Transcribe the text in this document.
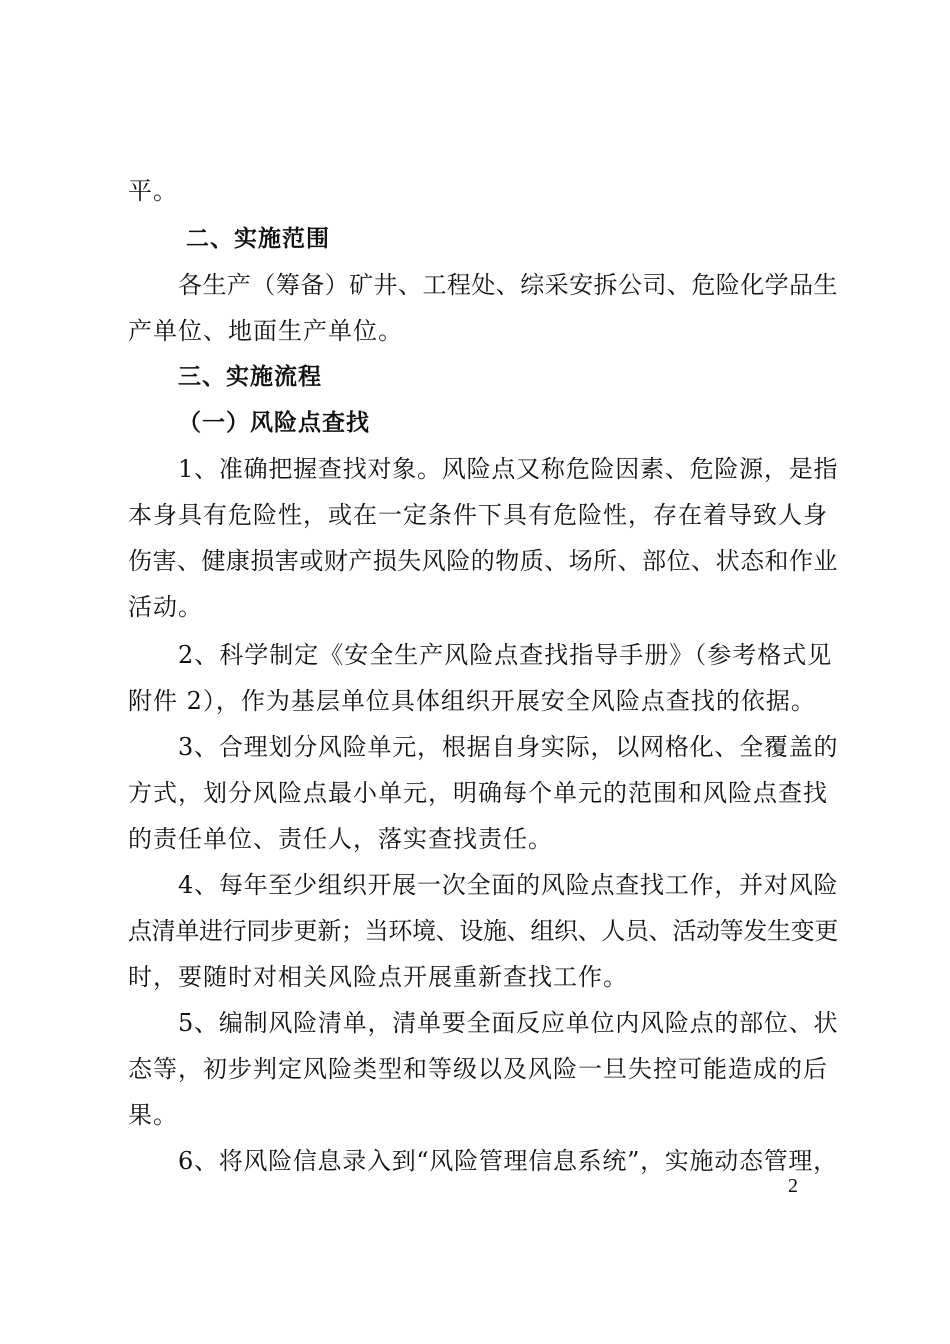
平。

二、实施范围

各生产（筹备）矿井、工程处、综采安拆公司、危险化学品生

产单位、地面生产单位。

三、实施流程

（一）风险点查找

1、准确把握查找对象。风险点又称危险因素、危险源，是指

本身具有危险性，或在一定条件下具有危险性，存在着导致人身

伤害、健康损害或财产损失风险的物质、场所、部位、状态和作业

活动。

2、科学制定《安全生产风险点查找指导手册》（参考格式见

附件 2），作为基层单位具体组织开展安全风险点查找的依据。

3、合理划分风险单元，根据自身实际，以网格化、全覆盖的

方式，划分风险点最小单元，明确每个单元的范围和风险点查找

的责任单位、责任人，落实查找责任。

4、每年至少组织开展一次全面的风险点查找工作，并对风险

点清单进行同步更新；当环境、设施、组织、人员、活动等发生变更

时，要随时对相关风险点开展重新查找工作。

5、编制风险清单，清单要全面反应单位内风险点的部位、状

态等，初步判定风险类型和等级以及风险一旦失控可能造成的后

果。

6、将风险信息录入到“风险管理信息系统”，实施动态管理，

2
